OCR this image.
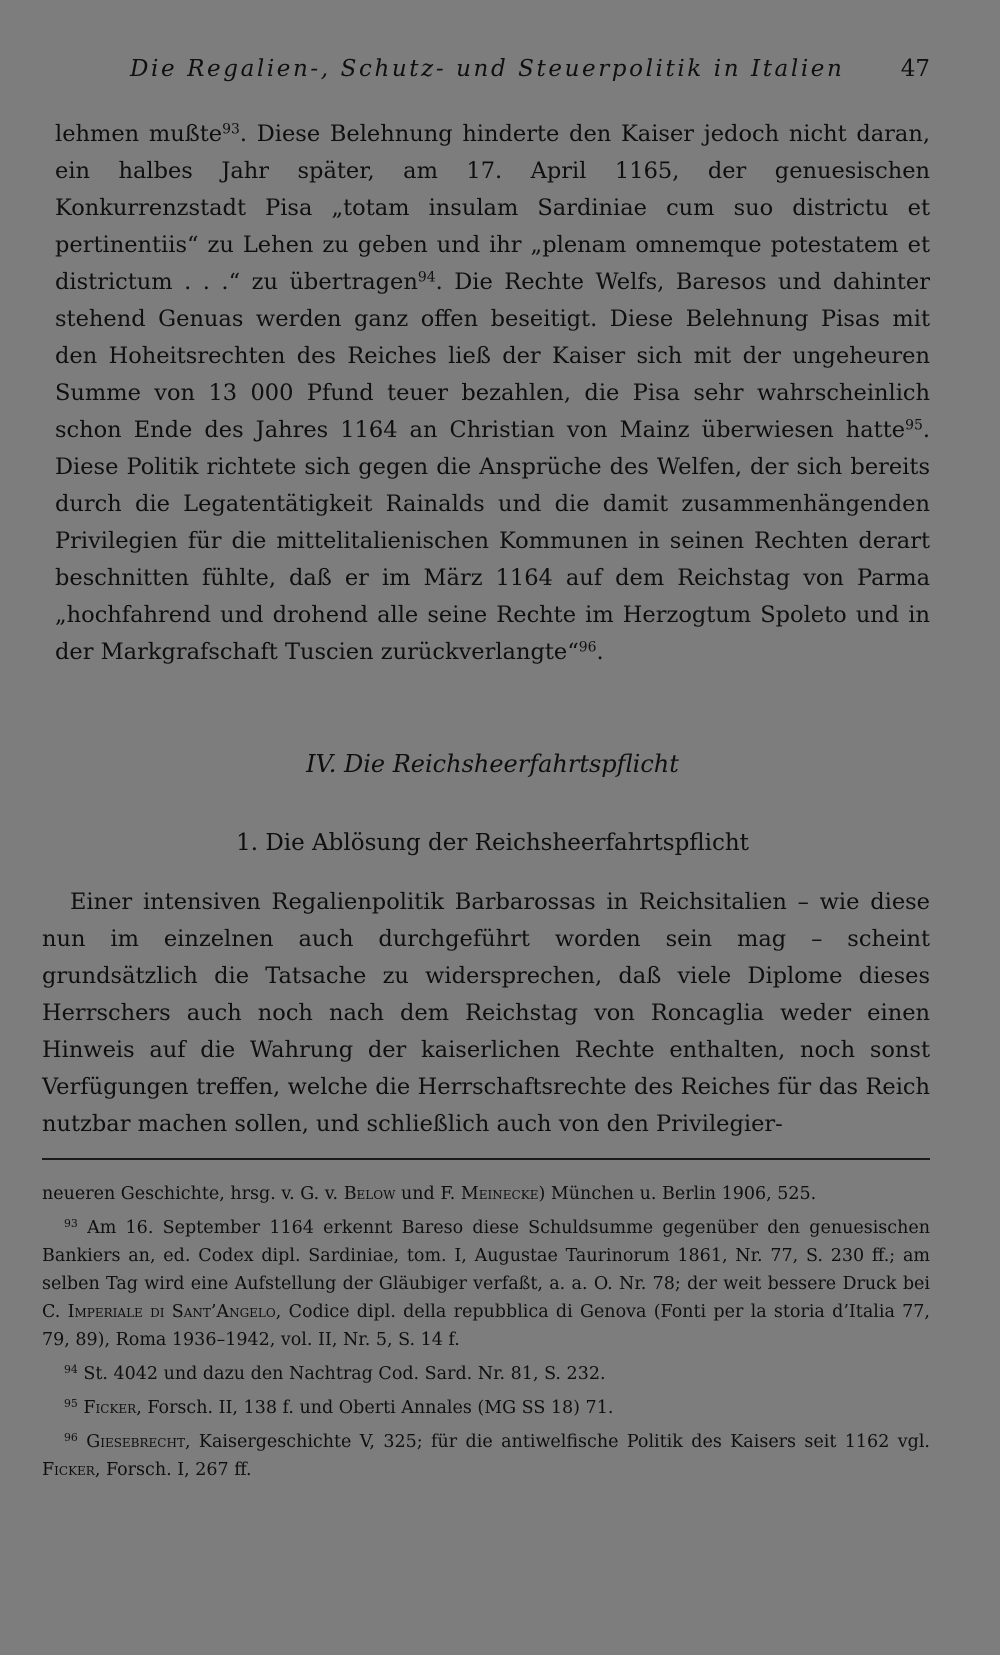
Die Regalien-, Schutz- und Steuerpolitik in Italien 47

lehmen mußte$^{93}$. Diese Belehnung hinderte den Kaiser jedoch nicht daran, ein halbes Jahr später, am 17. April 1165, der genuesischen Konkurrenzstadt Pisa „totam insulam Sardiniae cum suo districtu et pertinentiis“ zu Lehen zu geben und ihr „plenam omnemque potestatem et districtum . . .“ zu übertragen$^{94}$. Die Rechte Welfs, Baresos und dahinter stehend Genuas werden ganz offen beseitigt. Diese Belehnung Pisas mit den Hoheitsrechten des Reiches ließ der Kaiser sich mit der ungeheuren Summe von 13 000 Pfund teuer bezahlen, die Pisa sehr wahrscheinlich schon Ende des Jahres 1164 an Christian von Mainz überwiesen hatte$^{95}$. Diese Politik richtete sich gegen die Ansprüche des Welfen, der sich bereits durch die Legatentätigkeit Rainalds und die damit zusammenhängenden Privilegien für die mittelitalienischen Kommunen in seinen Rechten derart beschnitten fühlte, daß er im März 1164 auf dem Reichstag von Parma „hochfahrend und drohend alle seine Rechte im Herzogtum Spoleto und in der Markgrafschaft Tuscien zurückverlangte“$^{96}$.

IV. Die Reichsheerfahrtspflicht
1. Die Ablösung der Reichsheerfahrtspflicht

Einer intensiven Regalienpolitik Barbarossas in Reichsitalien – wie diese nun im einzelnen auch durchgeführt worden sein mag – scheint grundsätzlich die Tatsache zu widersprechen, daß viele Diplome dieses Herrschers auch noch nach dem Reichstag von Roncaglia weder einen Hinweis auf die Wahrung der kaiserlichen Rechte enthalten, noch sonst Verfügungen treffen, welche die Herrschaftsrechte des Reiches für das Reich nutzbar machen sollen, und schließlich auch von den Privilegier-

neueren Geschichte, hrsg. v. G. v. Below und F. Meinecke) München u. Berlin 1906, 525.

$^{93}$ Am 16. September 1164 erkennt Bareso diese Schuldsumme gegenüber den genuesischen Bankiers an, ed. Codex dipl. Sardiniae, tom. I, Augustae Taurinorum 1861, Nr. 77, S. 230 ff.; am selben Tag wird eine Aufstellung der Gläubiger verfaßt, a. a. O. Nr. 78; der weit bessere Druck bei C. Imperiale di Sant’Angelo, Codice dipl. della repubblica di Genova (Fonti per la storia d’Italia 77, 79, 89), Roma 1936–1942, vol. II, Nr. 5, S. 14 f.

$^{94}$ St. 4042 und dazu den Nachtrag Cod. Sard. Nr. 81, S. 232.

$^{95}$ Ficker, Forsch. II, 138 f. und Oberti Annales (MG SS 18) 71.

$^{96}$ Giesebrecht, Kaisergeschichte V, 325; für die antiwelfische Politik des Kaisers seit 1162 vgl. Ficker, Forsch. I, 267 ff.
